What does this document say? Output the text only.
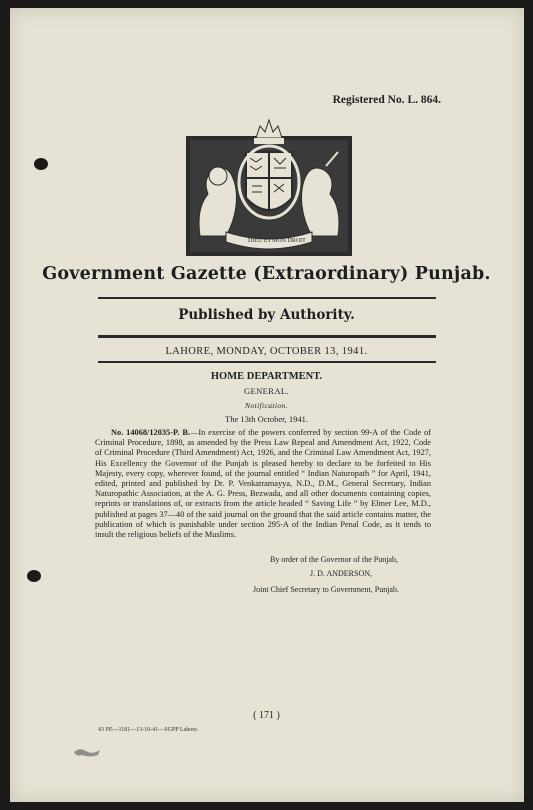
Registered No. L. 864.
DIEU ET MON DROIT
Government Gazette (Extraordinary) Punjab.
Published by Authority.
LAHORE, MONDAY, OCTOBER 13, 1941.
HOME DEPARTMENT.
GENERAL.
Notification.
The 13th October, 1941.
No. 14068/12035-P. B.—In exercise of the powers conferred by section 99-A of the Code of Criminal Procedure, 1898, as amended by the Press Law Repeal and Amendment Act, 1922, Code of Criminal Procedure (Third Amendment) Act, 1926, and the Criminal Law Amendment Act, 1927, His Excellency the Governor of the Punjab is pleased hereby to declare to be forfeited to His Majesty, every copy, wherever found, of the journal entitled “ Indian Naturopath ” for April, 1941, edited, printed and published by Dr. P. Venkatramayya, N.D., D.M., General Secretary, Indian Naturopathic Association, at the A. G. Press, Bezwada, and all other documents containing copies, reprints or translations of, or extracts from the article headed “ Saving Life ” by Elmer Lee, M.D., published at pages 37—40 of the said journal on the ground that the said article contains matter, the publication of which is punishable under section 295-A of the Indian Penal Code, as it tends to insult the religious beliefs of the Muslims.
By order of the Governor of the Punjab,
J. D. ANDERSON,
Joint Chief Secretary to Government, Punjab.
( 171 )
43 PE—1181—13-10-41—SGPP Lahore.
